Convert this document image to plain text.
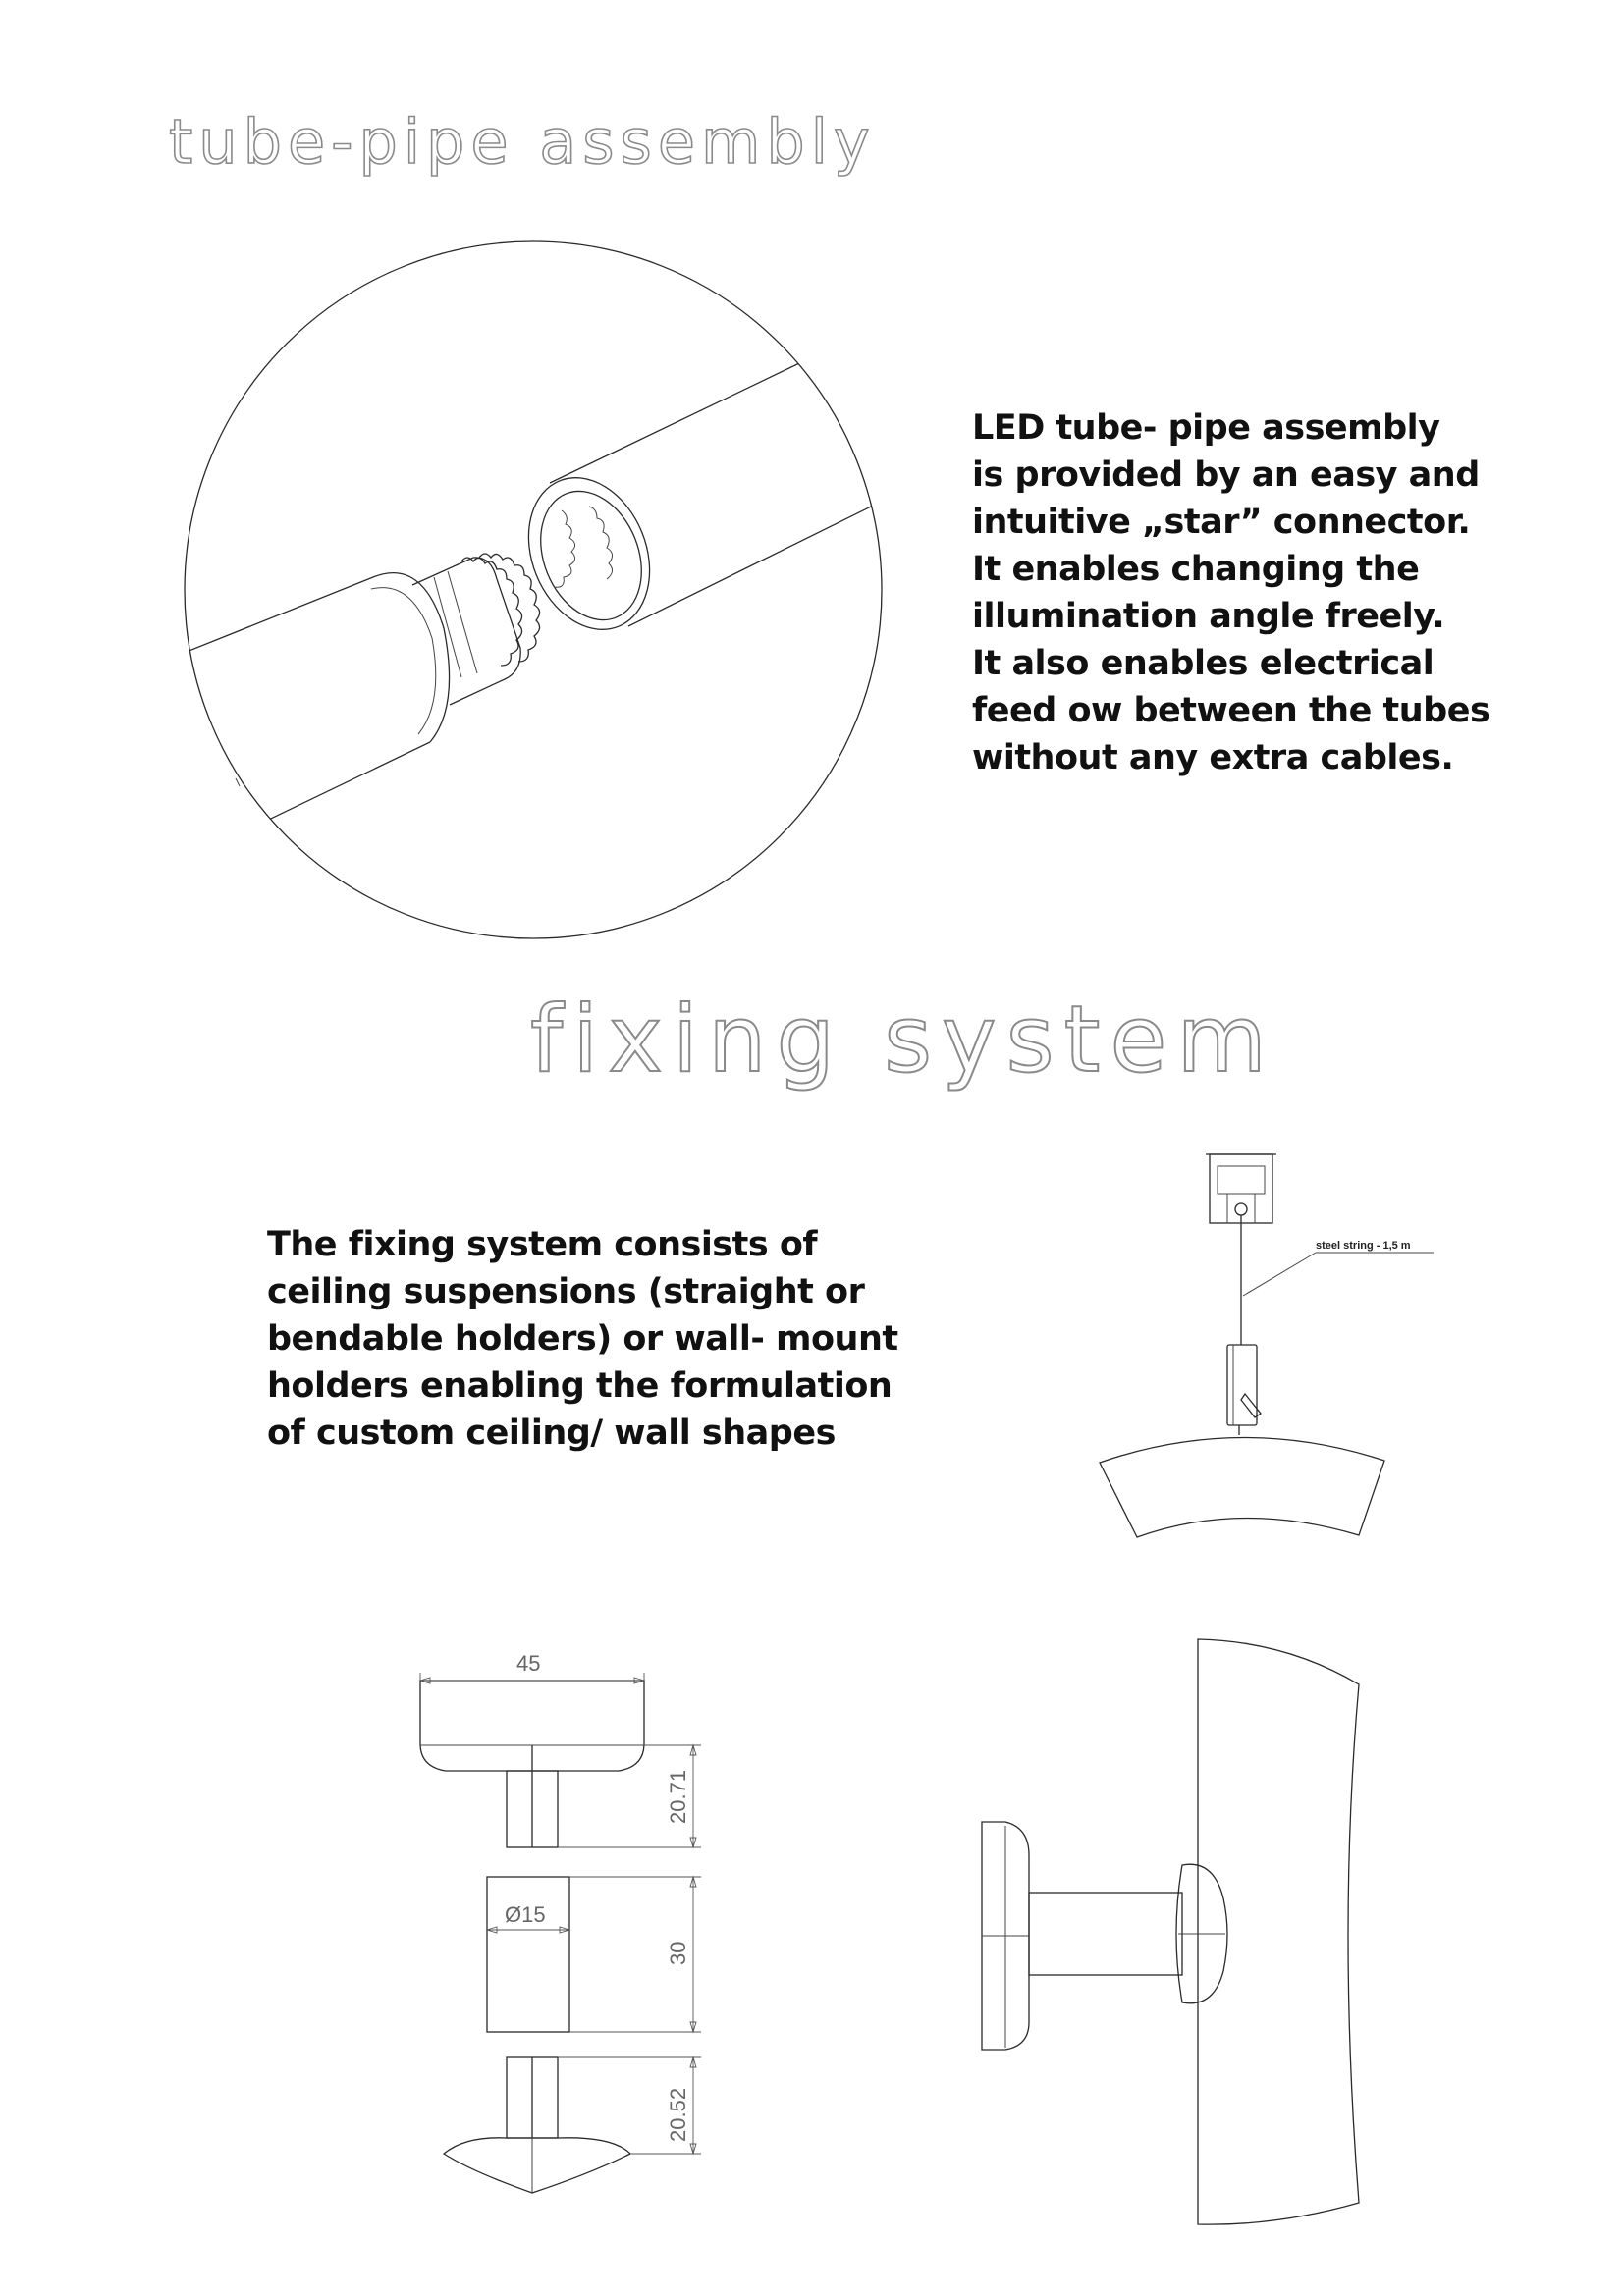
tube-pipe assembly
LED tube- pipe assembly
is provided by an easy and
intuitive „star” connector.
It enables changing the
illumination angle freely.
It also enables electrical
feed ow between the tubes
without any extra cables.
fixing system
The fixing system consists of
ceiling suspensions (straight or
bendable holders) or wall- mount
holders enabling the formulation
of custom ceiling/ wall shapes
steel string - 1,5 m
45
20.71
Ø15
30
20.52
